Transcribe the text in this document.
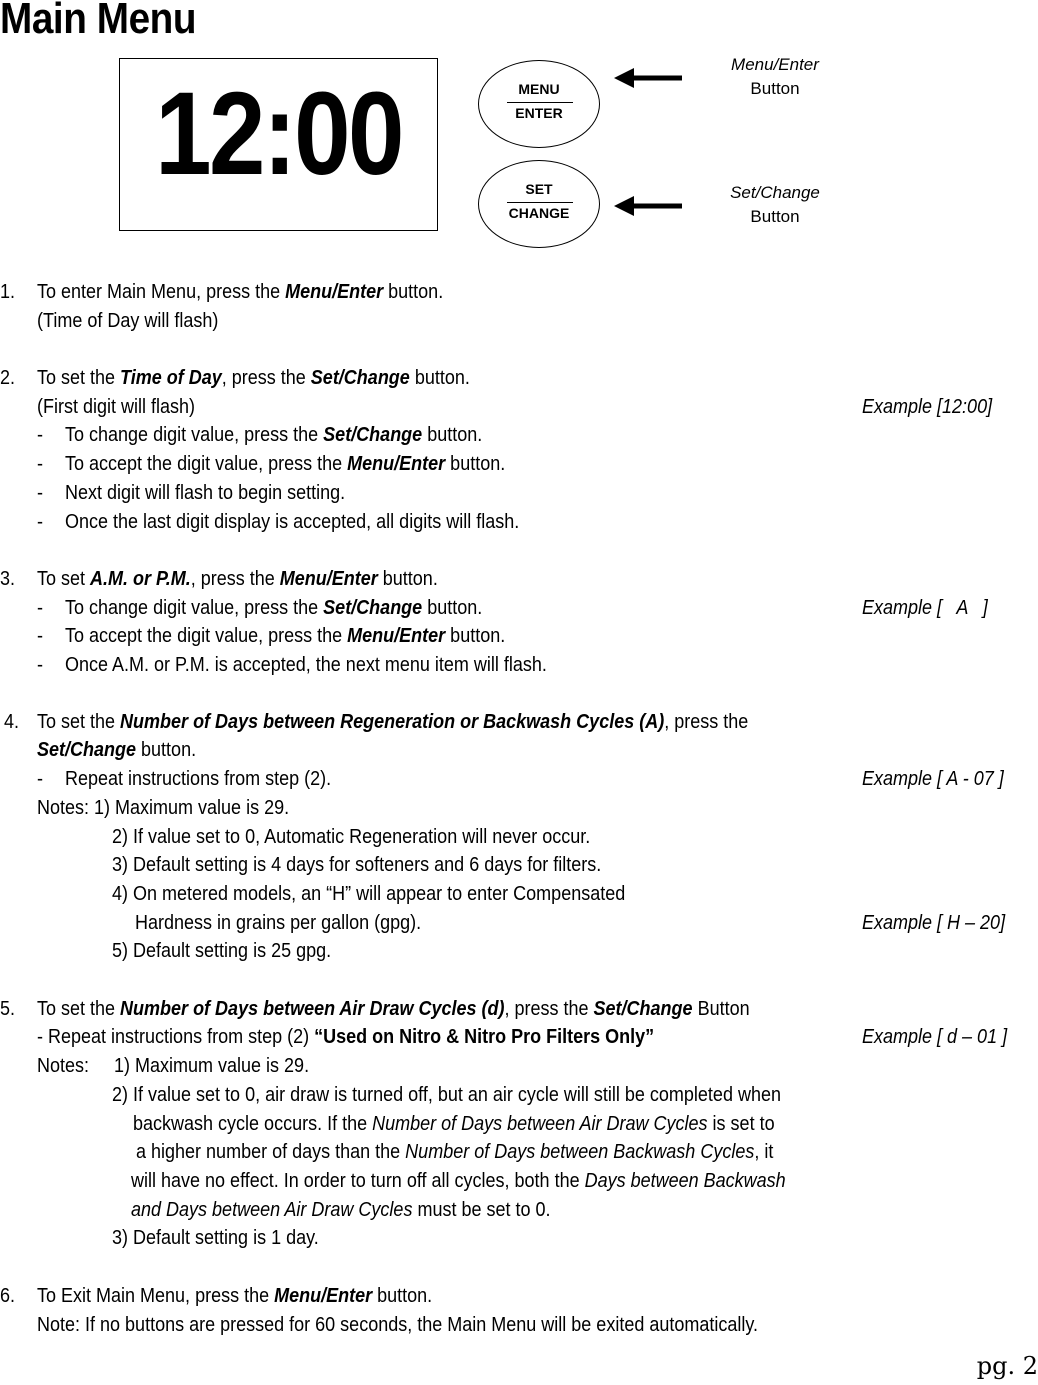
Main Menu
12:00	MENU
ENTER
SET
CHANGE
Menu/Enter
Button
Set/Change
Button
1. To enter Main Menu, press the Menu/Enter button.
(Time of Day will flash)
2. To set the Time of Day, press the Set/Change button.
(First digit will flash)	Example [12:00]
- To change digit value, press the Set/Change button.
- To accept the digit value, press the Menu/Enter button.
- Next digit will flash to begin setting.
- Once the last digit display is accepted, all digits will flash.
3. To set A.M. or P.M., press the Menu/Enter button.
- To change digit value, press the Set/Change button.	Example [   A   ]
- To accept the digit value, press the Menu/Enter button.
- Once A.M. or P.M. is accepted, the next menu item will flash.
4. To set the Number of Days between Regeneration or Backwash Cycles (A), press the
Set/Change button.
- Repeat instructions from step (2).	Example [ A - 07 ]
Notes: 1) Maximum value is 29.
2) If value set to 0, Automatic Regeneration will never occur.
3) Default setting is 4 days for softeners and 6 days for filters.
4) On metered models, an “H” will appear to enter Compensated
Hardness in grains per gallon (gpg).	Example [ H – 20]
5) Default setting is 25 gpg.
5. To set the Number of Days between Air Draw Cycles (d), press the Set/Change Button
- Repeat instructions from step (2) “Used on Nitro & Nitro Pro Filters Only”	Example [ d – 01 ]
Notes: 1) Maximum value is 29.
2) If value set to 0, air draw is turned off, but an air cycle will still be completed when
backwash cycle occurs. If the Number of Days between Air Draw Cycles is set to
a higher number of days than the Number of Days between Backwash Cycles, it
will have no effect. In order to turn off all cycles, both the Days between Backwash
and Days between Air Draw Cycles must be set to 0.
3) Default setting is 1 day.
6. To Exit Main Menu, press the Menu/Enter button.
Note: If no buttons are pressed for 60 seconds, the Main Menu will be exited automatically.
pg. 2
